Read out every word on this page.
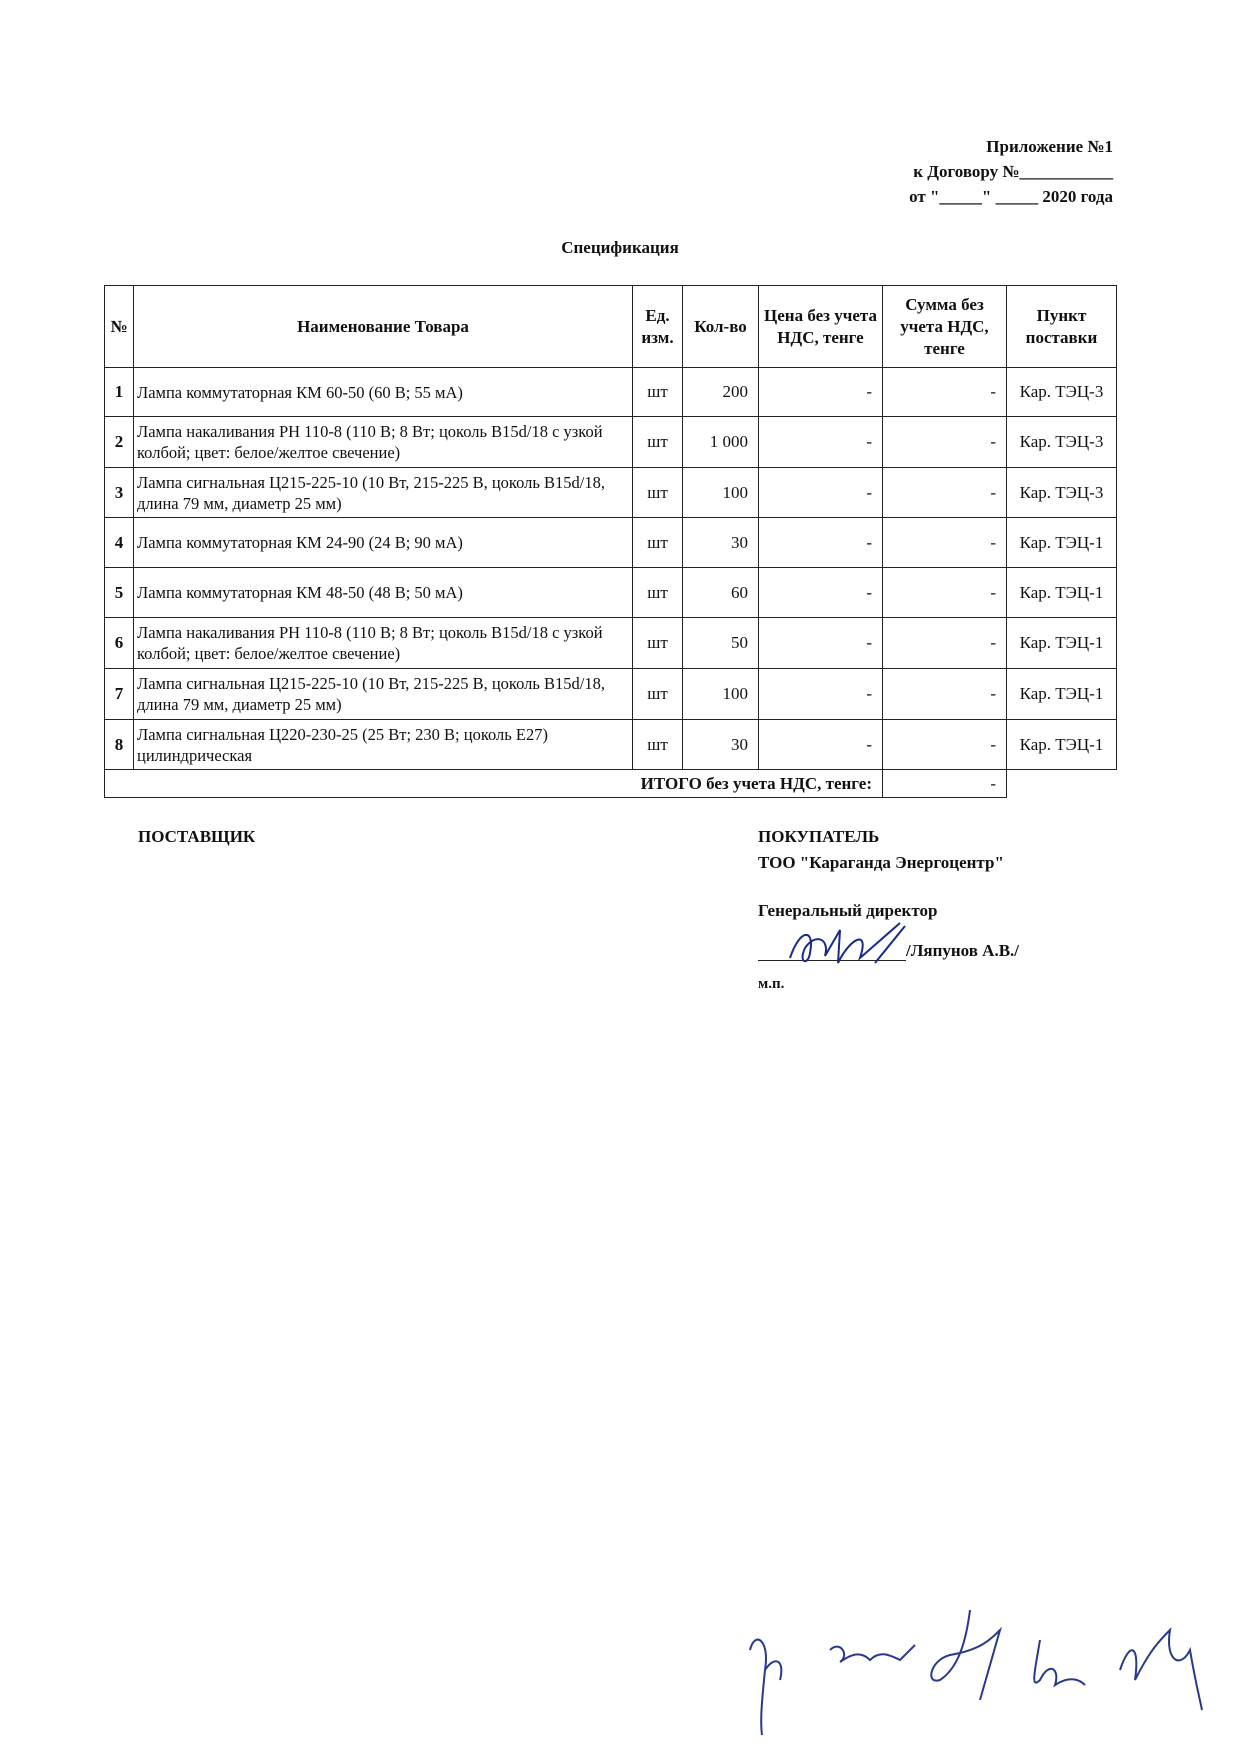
Приложение №1
к Договору №___________
от "_____" _____ 2020 года
Спецификация
№	Наименование Товара	Ед. изм.	Кол-во	Цена без учета НДС, тенге	Сумма без учета НДС, тенге	Пункт поставки
1	Лампа коммутаторная КМ 60-50 (60 В; 55 мА)	шт	200	-	-	Кар. ТЭЦ-3
2	Лампа накаливания РН 110-8 (110 В; 8 Вт; цоколь B15d/18 с узкой колбой; цвет: белое/желтое свечение)	шт	1 000	-	-	Кар. ТЭЦ-3
3	Лампа сигнальная Ц215-225-10 (10 Вт, 215-225 В, цоколь B15d/18, длина 79 мм, диаметр 25 мм)	шт	100	-	-	Кар. ТЭЦ-3
4	Лампа коммутаторная КМ 24-90 (24 В; 90 мА)	шт	30	-	-	Кар. ТЭЦ-1
5	Лампа коммутаторная КМ 48-50 (48 В; 50 мА)	шт	60	-	-	Кар. ТЭЦ-1
6	Лампа накаливания РН 110-8 (110 В; 8 Вт; цоколь B15d/18 с узкой колбой; цвет: белое/желтое свечение)	шт	50	-	-	Кар. ТЭЦ-1
7	Лампа сигнальная Ц215-225-10 (10 Вт, 215-225 В, цоколь B15d/18, длина 79 мм, диаметр 25 мм)	шт	100	-	-	Кар. ТЭЦ-1
8	Лампа сигнальная Ц220-230-25 (25 Вт; 230 В; цоколь E27) цилиндрическая	шт	30	-	-	Кар. ТЭЦ-1
ИТОГО без учета НДС, тенге:					-	
ПОСТАВЩИК	ПОКУПАТЕЛЬ
ТОО "Караганда Энергоцентр"
Генеральный директор
/Ляпунов А.В./
м.п.
